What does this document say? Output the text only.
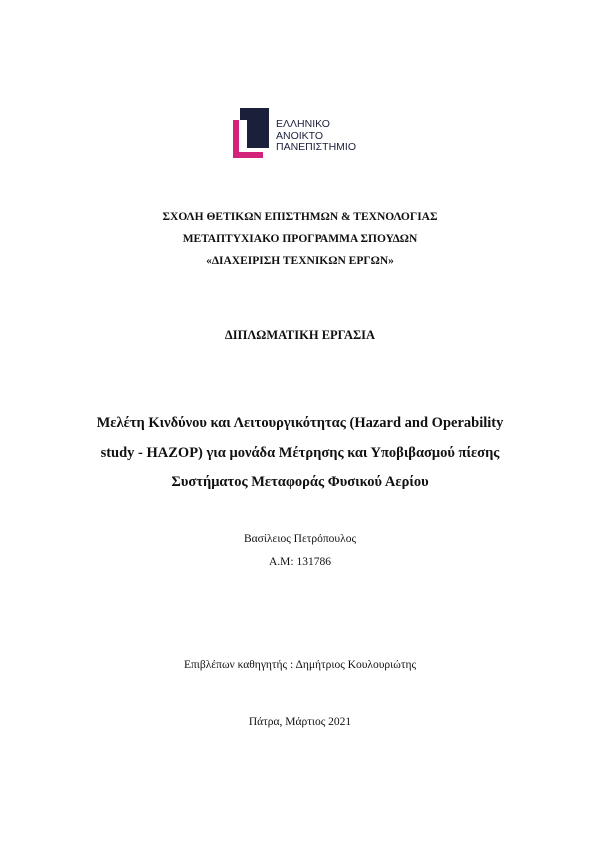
ΕΛΛΗΝΙΚΟ
ΑΝΟΙΚΤΟ
ΠΑΝΕΠΙΣΤΗΜΙΟ
ΣΧΟΛΗ ΘΕΤΙΚΩΝ ΕΠΙΣΤΗΜΩΝ & ΤΕΧΝΟΛΟΓΙΑΣ
ΜΕΤΑΠΤΥΧΙΑΚΟ ΠΡΟΓΡΑΜΜΑ ΣΠΟΥΔΩΝ
«ΔΙΑΧΕΙΡΙΣΗ ΤΕΧΝΙΚΩΝ ΕΡΓΩΝ»
ΔΙΠΛΩΜΑΤΙΚΗ ΕΡΓΑΣΙΑ
Μελέτη Κινδύνου και Λειτουργικότητας (Hazard and Operability
study - HAZOP) για μονάδα Μέτρησης και Υποβιβασμού πίεσης
Συστήματος Μεταφοράς Φυσικού Αερίου
Βασίλειος Πετρόπουλος
Α.Μ: 131786
Επιβλέπων καθηγητής : Δημήτριος Κουλουριώτης
Πάτρα, Μάρτιος 2021
